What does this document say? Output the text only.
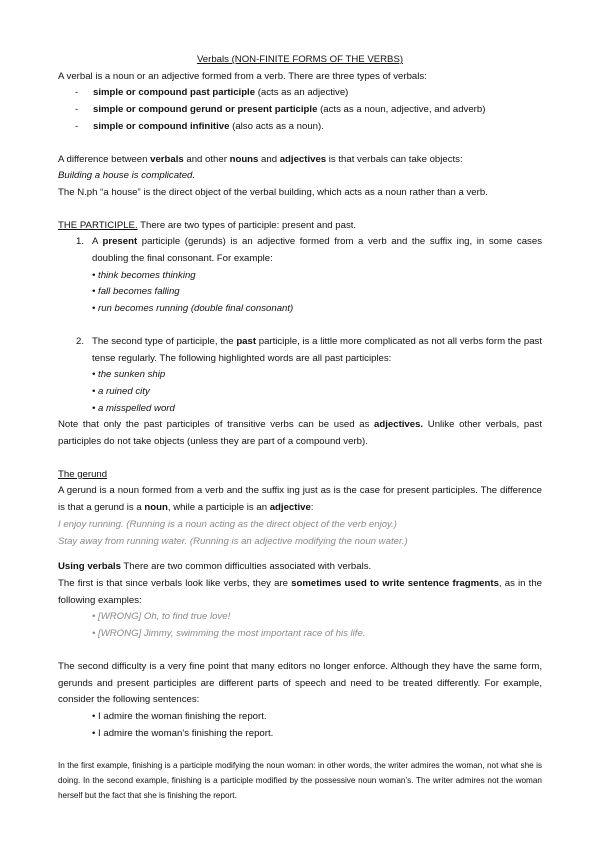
Verbals (NON-FINITE FORMS OF THE VERBS)

A verbal is a noun or an adjective formed from a verb. There are three types of verbals:

- simple or compound past participle (acts as an adjective)
- simple or compound gerund or present participle (acts as a noun, adjective, and adverb)
- simple or compound infinitive (also acts as a noun).

A difference between verbals and other nouns and adjectives is that verbals can take objects:

Building a house is complicated.

The N.ph “a house” is the direct object of the verbal building, which acts as a noun rather than a verb.

THE PARTICIPLE. There are two types of participle: present and past.

1. A present participle (gerunds) is an adjective formed from a verb and the suffix ing, in some cases doubling the final consonant. For example:

• think becomes thinking

• fall becomes falling

• run becomes running (double final consonant)

2. The second type of participle, the past participle, is a little more complicated as not all verbs form the past tense regularly. The following highlighted words are all past participles:

• the sunken ship

• a ruined city

• a misspelled word

Note that only the past participles of transitive verbs can be used as adjectives. Unlike other verbals, past participles do not take objects (unless they are part of a compound verb).

The gerund

A gerund is a noun formed from a verb and the suffix ing just as is the case for present participles. The difference is that a gerund is a noun, while a participle is an adjective:

I enjoy running. (Running is a noun acting as the direct object of the verb enjoy.)

Stay away from running water. (Running is an adjective modifying the noun water.)

Using verbals There are two common difficulties associated with verbals.

The first is that since verbals look like verbs, they are sometimes used to write sentence fragments, as in the following examples:

• [WRONG] Oh, to find true love!

• [WRONG] Jimmy, swimming the most important race of his life.

The second difficulty is a very fine point that many editors no longer enforce. Although they have the same form, gerunds and present participles are different parts of speech and need to be treated differently. For example, consider the following sentences:

• I admire the woman finishing the report.

• I admire the woman’s finishing the report.

In the first example, finishing is a participle modifying the noun woman: in other words, the writer admires the woman, not what she is doing. In the second example, finishing is a participle modified by the possessive noun woman’s. The writer admires not the woman herself but the fact that she is finishing the report.
